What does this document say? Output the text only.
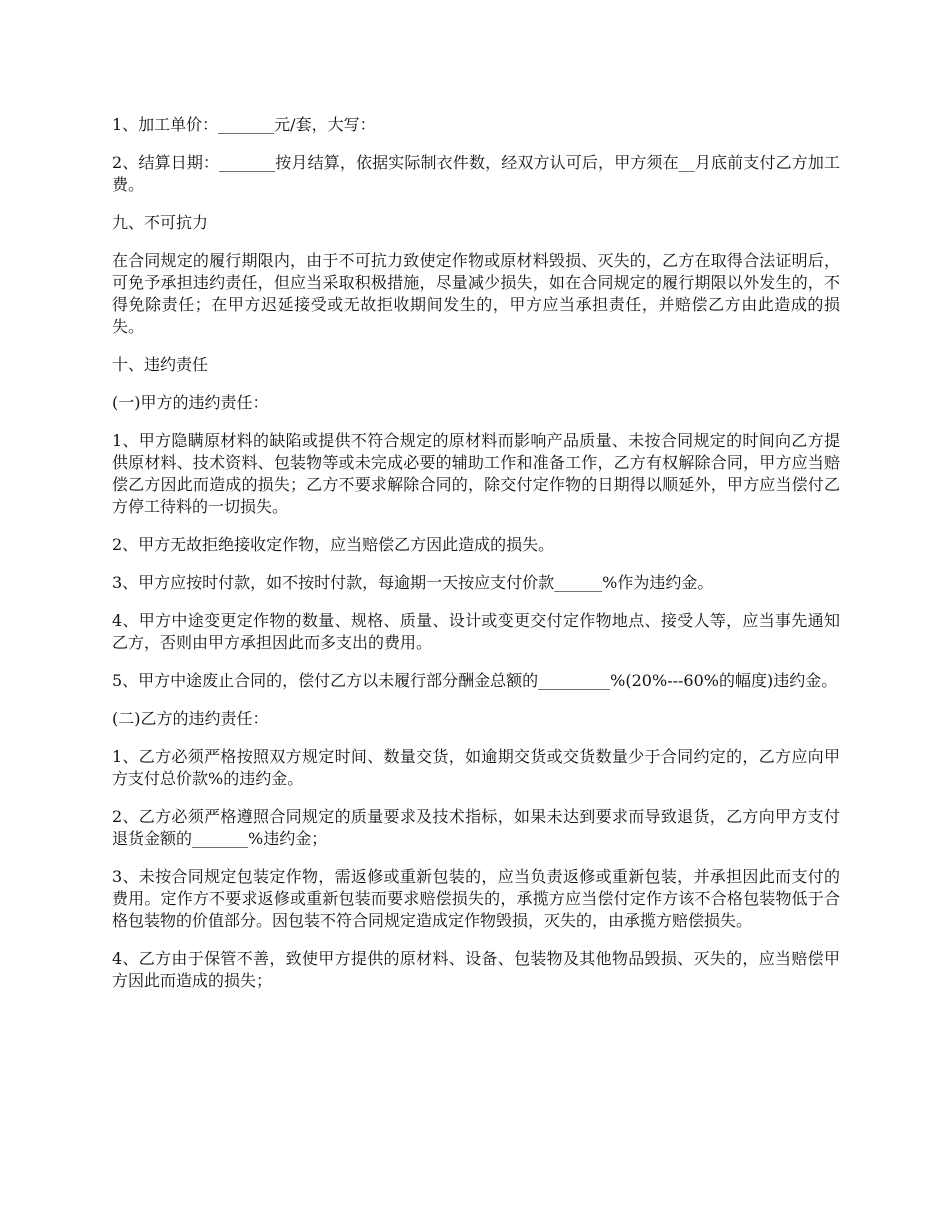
1、加工单价：_______元/套，大写：

2、结算日期：_______按月结算，依据实际制衣件数，经双方认可后，甲方须在__月底前支付乙方加工费。

九、不可抗力

在合同规定的履行期限内，由于不可抗力致使定作物或原材料毁损、灭失的，乙方在取得合法证明后，可免予承担违约责任，但应当采取积极措施，尽量减少损失，如在合同规定的履行期限以外发生的，不得免除责任；在甲方迟延接受或无故拒收期间发生的，甲方应当承担责任，并赔偿乙方由此造成的损失。

十、违约责任

(一)甲方的违约责任：

1、甲方隐瞒原材料的缺陷或提供不符合规定的原材料而影响产品质量、未按合同规定的时间向乙方提供原材料、技术资料、包装物等或未完成必要的辅助工作和准备工作，乙方有权解除合同，甲方应当赔偿乙方因此而造成的损失；乙方不要求解除合同的，除交付定作物的日期得以顺延外，甲方应当偿付乙方停工待料的一切损失。

2、甲方无故拒绝接收定作物，应当赔偿乙方因此造成的损失。

3、甲方应按时付款，如不按时付款，每逾期一天按应支付价款______%作为违约金。

4、甲方中途变更定作物的数量、规格、质量、设计或变更交付定作物地点、接受人等，应当事先通知乙方，否则由甲方承担因此而多支出的费用。

5、甲方中途废止合同的，偿付乙方以未履行部分酬金总额的_________%(20%---60%的幅度)违约金。

(二)乙方的违约责任：

1、乙方必须严格按照双方规定时间、数量交货，如逾期交货或交货数量少于合同约定的，乙方应向甲方支付总价款%的违约金。

2、乙方必须严格遵照合同规定的质量要求及技术指标，如果未达到要求而导致退货，乙方向甲方支付退货金额的_______%违约金；

3、未按合同规定包装定作物，需返修或重新包装的，应当负责返修或重新包装，并承担因此而支付的费用。定作方不要求返修或重新包装而要求赔偿损失的，承揽方应当偿付定作方该不合格包装物低于合格包装物的价值部分。因包装不符合同规定造成定作物毁损，灭失的，由承揽方赔偿损失。

4、乙方由于保管不善，致使甲方提供的原材料、设备、包装物及其他物品毁损、灭失的，应当赔偿甲方因此而造成的损失；
